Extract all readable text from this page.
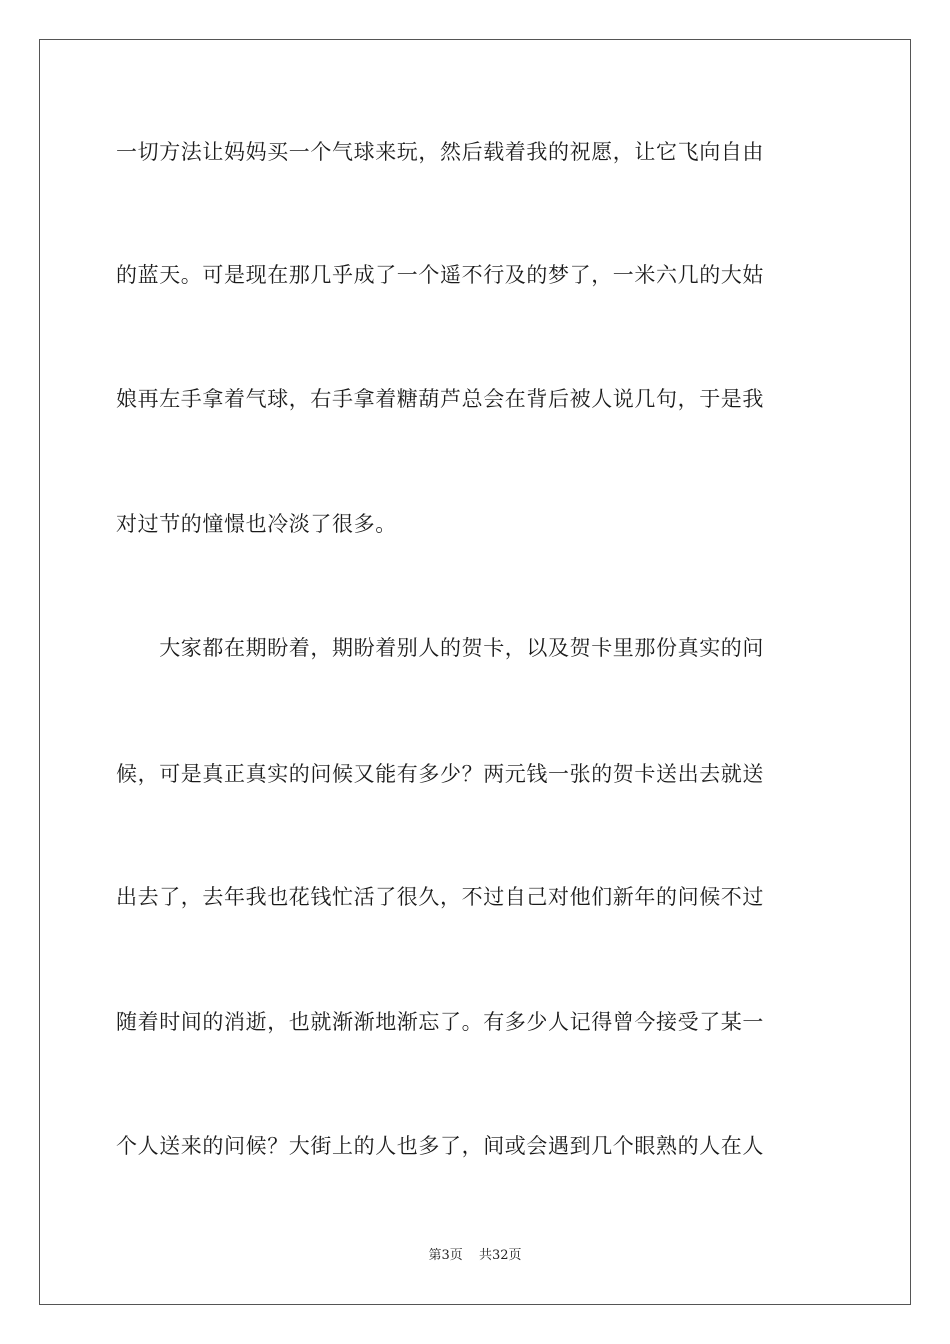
一切方法让妈妈买一个气球来玩，然后载着我的祝愿，让它飞向自由
的蓝天。可是现在那几乎成了一个遥不行及的梦了，一米六几的大姑
娘再左手拿着气球，右手拿着糖葫芦总会在背后被人说几句，于是我
对过节的憧憬也冷淡了很多。
　　大家都在期盼着，期盼着别人的贺卡，以及贺卡里那份真实的问
候，可是真正真实的问候又能有多少？两元钱一张的贺卡送出去就送
出去了，去年我也花钱忙活了很久，不过自己对他们新年的问候不过
随着时间的消逝，也就渐渐地渐忘了。有多少人记得曾今接受了某一
个人送来的问候？大街上的人也多了，间或会遇到几个眼熟的人在人
第3页 共32页
